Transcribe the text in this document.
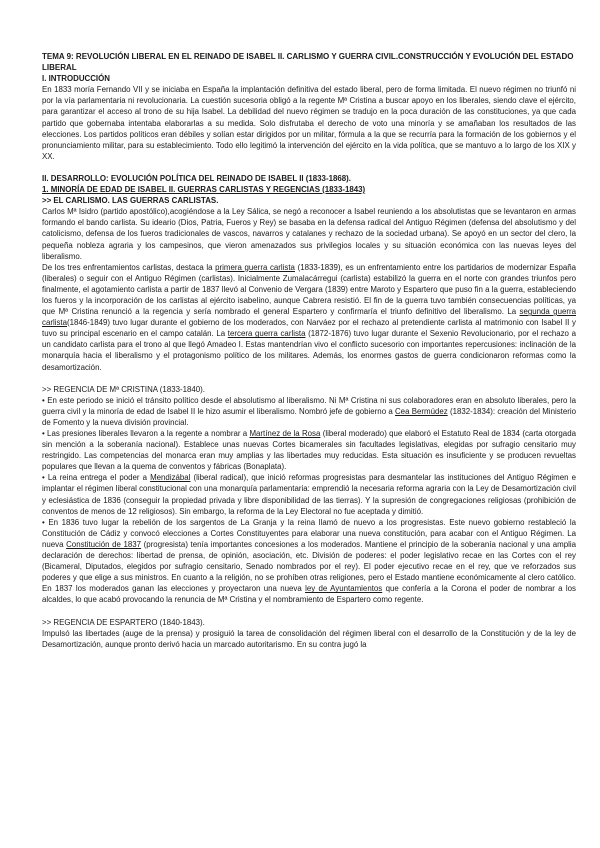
TEMA 9: REVOLUCIÓN LIBERAL EN EL REINADO DE ISABEL II. CARLISMO Y GUERRA CIVIL.CONSTRUCCIÓN Y EVOLUCIÓN DEL ESTADO LIBERAL
I. INTRODUCCIÓN

En 1833 moría Fernando VII y se iniciaba en España la implantación definitiva del estado liberal, pero de forma limitada. El nuevo régimen no triunfó ni por la vía parlamentaria ni revolucionaria. La cuestión sucesoria obligó a la regente Mª Cristina a buscar apoyo en los liberales, siendo clave el ejército, para garantizar el acceso al trono de su hija Isabel. La debilidad del nuevo régimen se tradujo en la poca duración de las constituciones, ya que cada partido que gobernaba intentaba elaborarlas a su medida. Solo disfrutaba el derecho de voto una minoría y se amañaban los resultados de las elecciones. Los partidos políticos eran débiles y solían estar dirigidos por un militar, fórmula a la que se recurría para la formación de los gobiernos y el pronunciamiento militar, para su establecimiento. Todo ello legitimó la intervención del ejército en la vida política, que se mantuvo a lo largo de los XIX y XX.

II. DESARROLLO: EVOLUCIÓN POLÍTICA DEL REINADO DE ISABEL II (1833-1868).
1. MINORÍA DE EDAD DE ISABEL II. GUERRAS CARLISTAS Y REGENCIAS (1833-1843)
>> EL CARLISMO. LAS GUERRAS CARLISTAS.

Carlos Mª Isidro (partido apostólico),acogiéndose a la Ley Sálica, se negó a reconocer a Isabel reuniendo a los absolutistas que se levantaron en armas formando el bando carlista. Su ideario (Dios, Patria, Fueros y Rey) se basaba en la defensa radical del Antiguo Régimen (defensa del absolutismo y del catolicismo, defensa de los fueros tradicionales de vascos, navarros y catalanes y rechazo de la sociedad urbana). Se apoyó en un sector del clero, la pequeña nobleza agraria y los campesinos, que vieron amenazados sus privilegios locales y su situación económica con las nuevas leyes del liberalismo.

De los tres enfrentamientos carlistas, destaca la primera guerra carlista (1833-1839), es un enfrentamiento entre los partidarios de modernizar España (liberales) o seguir con el Antiguo Régimen (carlistas). Inicialmente Zumalacárregui (carlista) estabilizó la guerra en el norte con grandes triunfos pero finalmente, el agotamiento carlista a partir de 1837 llevó al Convenio de Vergara (1839) entre Maroto y Espartero que puso fin a la guerra, estableciendo los fueros y la incorporación de los carlistas al ejército isabelino, aunque Cabrera resistió. El fin de la guerra tuvo también consecuencias políticas, ya que Mª Cristina renunció a la regencia y sería nombrado el general Espartero y confirmaría el triunfo definitivo del liberalismo. La segunda guerra carlista(1846-1849) tuvo lugar durante el gobierno de los moderados, con Narváez por el rechazo al pretendiente carlista al matrimonio con Isabel II y tuvo su principal escenario en el campo catalán. La tercera guerra carlista (1872-1876) tuvo lugar durante el Sexenio Revolucionario, por el rechazo a un candidato carlista para el trono al que llegó Amadeo I. Estas mantendrían vivo el conflicto sucesorio con importantes repercusiones: inclinación de la monarquía hacia el liberalismo y el protagonismo político de los militares. Además, los enormes gastos de guerra condicionaron reformas como la desamortización.

>> REGENCIA DE Mª CRISTINA (1833-1840).

• En este periodo se inició el tránsito político desde el absolutismo al liberalismo. Ni Mª Cristina ni sus colaboradores eran en absoluto liberales, pero la guerra civil y la minoría de edad de Isabel II le hizo asumir el liberalismo. Nombró jefe de gobierno a Cea Bermúdez (1832-1834): creación del Ministerio de Fomento y la nueva división provincial.

• Las presiones liberales llevaron a la regente a nombrar a Martínez de la Rosa (liberal moderado) que elaboró el Estatuto Real de 1834 (carta otorgada sin mención a la soberanía nacional). Establece unas nuevas Cortes bicamerales sin facultades legislativas, elegidas por sufragio censitario muy restringido. Las competencias del monarca eran muy amplias y las libertades muy reducidas. Esta situación es insuficiente y se producen revueltas populares que llevan a la quema de conventos y fábricas (Bonaplata).

• La reina entrega el poder a Mendizábal (liberal radical), que inició reformas progresistas para desmantelar las instituciones del Antiguo Régimen e implantar el régimen liberal constitucional con una monarquía parlamentaria: emprendió la necesaria reforma agraria con la Ley de Desamortización civil y eclesiástica de 1836 (conseguir la propiedad privada y libre disponibilidad de las tierras). Y la supresión de congregaciones religiosas (prohibición de conventos de menos de 12 religiosos). Sin embargo, la reforma de la Ley Electoral no fue aceptada y dimitió.

• En 1836 tuvo lugar la rebelión de los sargentos de La Granja y la reina llamó de nuevo a los progresistas. Este nuevo gobierno restableció la Constitución de Cádiz y convocó elecciones a Cortes Constituyentes para elaborar una nueva constitución, para acabar con el Antiguo Régimen. La nueva Constitución de 1837 (progresista) tenía importantes concesiones a los moderados. Mantiene el principio de la soberanía nacional y una amplia declaración de derechos: libertad de prensa, de opinión, asociación, etc. División de poderes: el poder legislativo recae en las Cortes con el rey (Bicameral, Diputados, elegidos por sufragio censitario, Senado nombrados por el rey). El poder ejecutivo recae en el rey, que ve reforzados sus poderes y que elige a sus ministros. En cuanto a la religión, no se prohíben otras religiones, pero el Estado mantiene económicamente al clero católico. En 1837 los moderados ganan las elecciones y proyectaron una nueva ley de Ayuntamientos que confería a la Corona el poder de nombrar a los alcaldes, lo que acabó provocando la renuncia de Mª Cristina y el nombramiento de Espartero como regente.

>> REGENCIA DE ESPARTERO (1840-1843).

Impulsó las libertades (auge de la prensa) y prosiguió la tarea de consolidación del régimen liberal con el desarrollo de la Constitución y de la ley de Desamortización, aunque pronto derivó hacia un marcado autoritarismo. En su contra jugó la
